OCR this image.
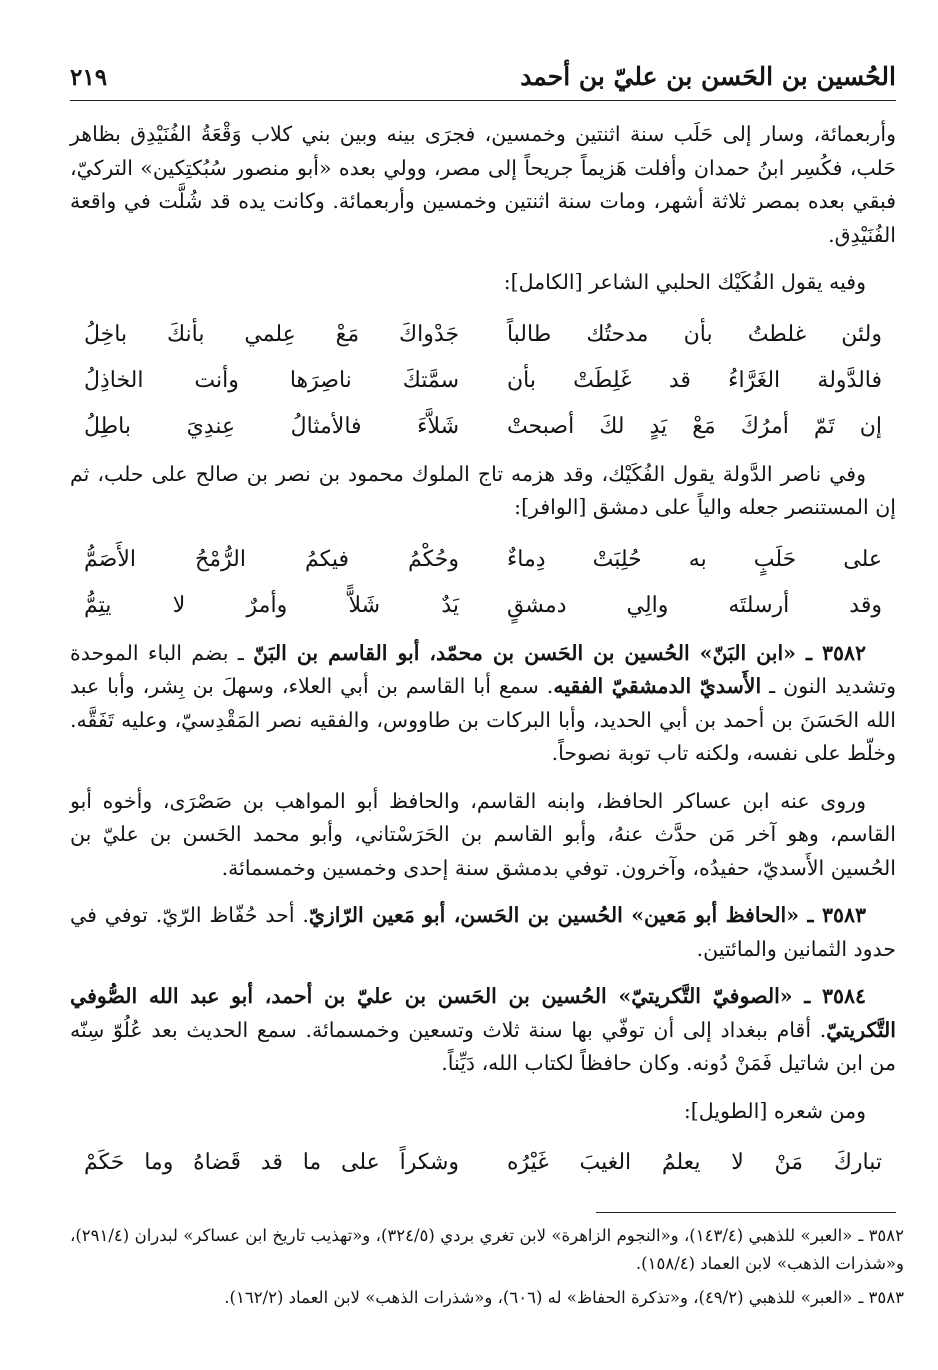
الحُسين بن الحَسن بن عليّ بن أحمد
٢١٩

وأربعمائة، وسار إلى حَلَب سنة اثنتين وخمسين، فجرَى بينه وبين بني كلاب وَقْعَةُ الفُنَيْدِق بظاهر حَلب، فكُسِر ابنُ حمدان وأفلت هَزيماً جريحاً إلى مصر، وولي بعده «أبو منصور سُبُكتِكين» التركيّ، فبقي بعده بمصر ثلاثة أشهر، ومات سنة اثنتين وخمسين وأربعمائة. وكانت يده قد شُلَّت في واقعة الفُنَيْدِق.

وفيه يقول الفُكَيْك الحلبي الشاعر [الكامل]:

ولئن غلطتُ بأن مدحتُك طالباً
جَدْواكَ مَعْ عِلمي بأنكَ باخِلُ
فالدَّولة الغَرَّاءُ قد غَلِطَتْ بأن
سمَّتكَ ناصِرَها وأنت الخاذِلُ
إن تَمّ أمرُكَ مَعْ يَدٍ لكَ أصبحتْ
شَلاَّءَ فالأمثالُ عِندِيَ باطِلُ

وفي ناصر الدَّولة يقول الفُكَيْك، وقد هزمه تاج الملوك محمود بن نصر بن صالح على حلب، ثم إن المستنصر جعله والياً على دمشق [الوافر]:

على حَلَبٍ به حُلِبَتْ دِماءٌ
وحُكْمُ فيكمُ الرُّمْحُ الأَصَمُّ
وقد أرسلتَه والِي دمشقٍ
يَدٌ شَلاًّ وأمرٌ لا يتِمُّ

٣٥٨٢ ـ «ابن البَنّ» الحُسين بن الحَسن بن محمّد، أبو القاسم بن البَنّ ـ بضم الباء الموحدة وتشديد النون ـ الأَسديّ الدمشقيّ الفقيه. سمع أبا القاسم بن أبي العلاء، وسهلَ بن بِشر، وأبا عبد الله الحَسَنَ بن أحمد بن أبي الحديد، وأبا البركات بن طاووس، والفقيه نصر المَقْدِسيّ، وعليه تَفَقَّه. وخلّط على نفسه، ولكنه تاب توبة نصوحاً.

وروى عنه ابن عساكر الحافظ، وابنه القاسم، والحافظ أبو المواهب بن صَصْرَى، وأخوه أبو القاسم، وهو آخر مَن حدَّث عنهُ، وأبو القاسم بن الحَرَسْتاني، وأبو محمد الحَسن بن عليّ بن الحُسين الأَسديّ، حفيدُه، وآخرون. توفي بدمشق سنة إحدى وخمسين وخمسمائة.

٣٥٨٣ ـ «الحافظ أبو مَعين» الحُسين بن الحَسن، أبو مَعين الرّازيّ. أحد حُفّاظ الرّيّ. توفي في حدود الثمانين والمائتين.

٣٥٨٤ ـ «الصوفيّ التَّكريتيّ» الحُسين بن الحَسن بن عليّ بن أحمد، أبو عبد الله الصُّوفي التَّكريتيّ. أقام ببغداد إلى أن توفّي بها سنة ثلاث وتسعين وخمسمائة. سمع الحديث بعد عُلُوّ سِنّه من ابن شاتيل فَمَنْ دُونه. وكان حافظاً لكتاب الله، دَيِّناً.

ومن شعره [الطويل]:

تباركَ مَنْ لا يعلمُ الغيبَ غَيْرُه
وشكراً على ما قد قَضاهُ وما حَكَمْ

٣٥٨٢ ـ«العبر» للذهبي (١٤٣/٤)، و«النجوم الزاهرة» لابن تغري بردي (٣٢٤/٥)، و«تهذيب تاريخ ابن عساكر» لبدران (٢٩١/٤)، و«شذرات الذهب» لابن العماد (١٥٨/٤).

٣٥٨٣ ـ«العبر» للذهبي (٤٩/٢)، و«تذكرة الحفاظ» له (٦٠٦)، و«شذرات الذهب» لابن العماد (١٦٢/٢).
